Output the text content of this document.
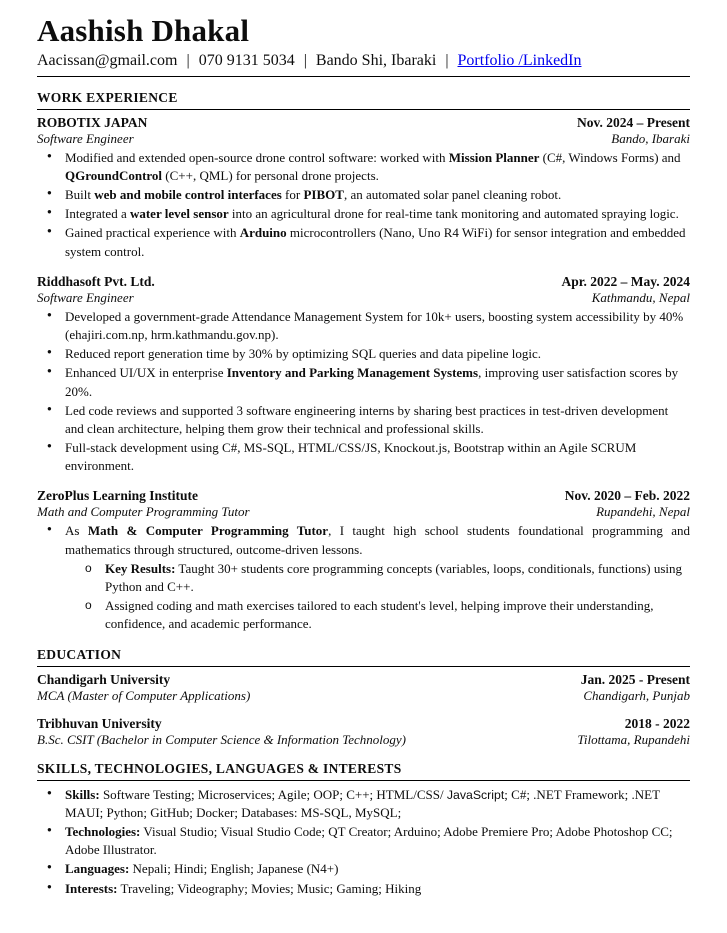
Aashish Dhakal
Aacissan@gmail.com | 070 9131 5034 | Bando Shi, Ibaraki | Portfolio /LinkedIn
WORK EXPERIENCE
ROBOTIX JAPAN	Nov. 2024 – Present
Software Engineer	Bando, Ibaraki
● Modified and extended open-source drone control software: worked with Mission Planner (C#, Windows Forms) and QGroundControl (C++, QML) for personal drone projects.
● Built web and mobile control interfaces for PIBOT, an automated solar panel cleaning robot.
● Integrated a water level sensor into an agricultural drone for real-time tank monitoring and automated spraying logic.
● Gained practical experience with Arduino microcontrollers (Nano, Uno R4 WiFi) for sensor integration and embedded system control.
Riddhasoft Pvt. Ltd.	Apr. 2022 – May. 2024
Software Engineer	Kathmandu, Nepal
● Developed a government-grade Attendance Management System for 10k+ users, boosting system accessibility by 40% (ehajiri.com.np, hrm.kathmandu.gov.np).
● Reduced report generation time by 30% by optimizing SQL queries and data pipeline logic.
● Enhanced UI/UX in enterprise Inventory and Parking Management Systems, improving user satisfaction scores by 20%.
● Led code reviews and supported 3 software engineering interns by sharing best practices in test-driven development and clean architecture, helping them grow their technical and professional skills.
● Full-stack development using C#, MS-SQL, HTML/CSS/JS, Knockout.js, Bootstrap within an Agile SCRUM environment.
ZeroPlus Learning Institute	Nov. 2020 – Feb. 2022
Math and Computer Programming Tutor	Rupandehi, Nepal
● As Math & Computer Programming Tutor, I taught high school students foundational programming and mathematics through structured, outcome-driven lessons.
o Key Results: Taught 30+ students core programming concepts (variables, loops, conditionals, functions) using Python and C++.
o Assigned coding and math exercises tailored to each student's level, helping improve their understanding, confidence, and academic performance.
EDUCATION
Chandigarh University	Jan. 2025 - Present
MCA (Master of Computer Applications)	Chandigarh, Punjab
Tribhuvan University	2018 - 2022
B.Sc. CSIT (Bachelor in Computer Science & Information Technology)	Tilottama, Rupandehi
SKILLS, TECHNOLOGIES, LANGUAGES & INTERESTS
● Skills: Software Testing; Microservices; Agile; OOP; C++; HTML/CSS/ JavaScript; C#; .NET Framework; .NET MAUI; Python; GitHub; Docker; Databases: MS-SQL, MySQL;
● Technologies: Visual Studio; Visual Studio Code; QT Creator; Arduino; Adobe Premiere Pro; Adobe Photoshop CC; Adobe Illustrator.
● Languages: Nepali; Hindi; English; Japanese (N4+)
● Interests: Traveling; Videography; Movies; Music; Gaming; Hiking
